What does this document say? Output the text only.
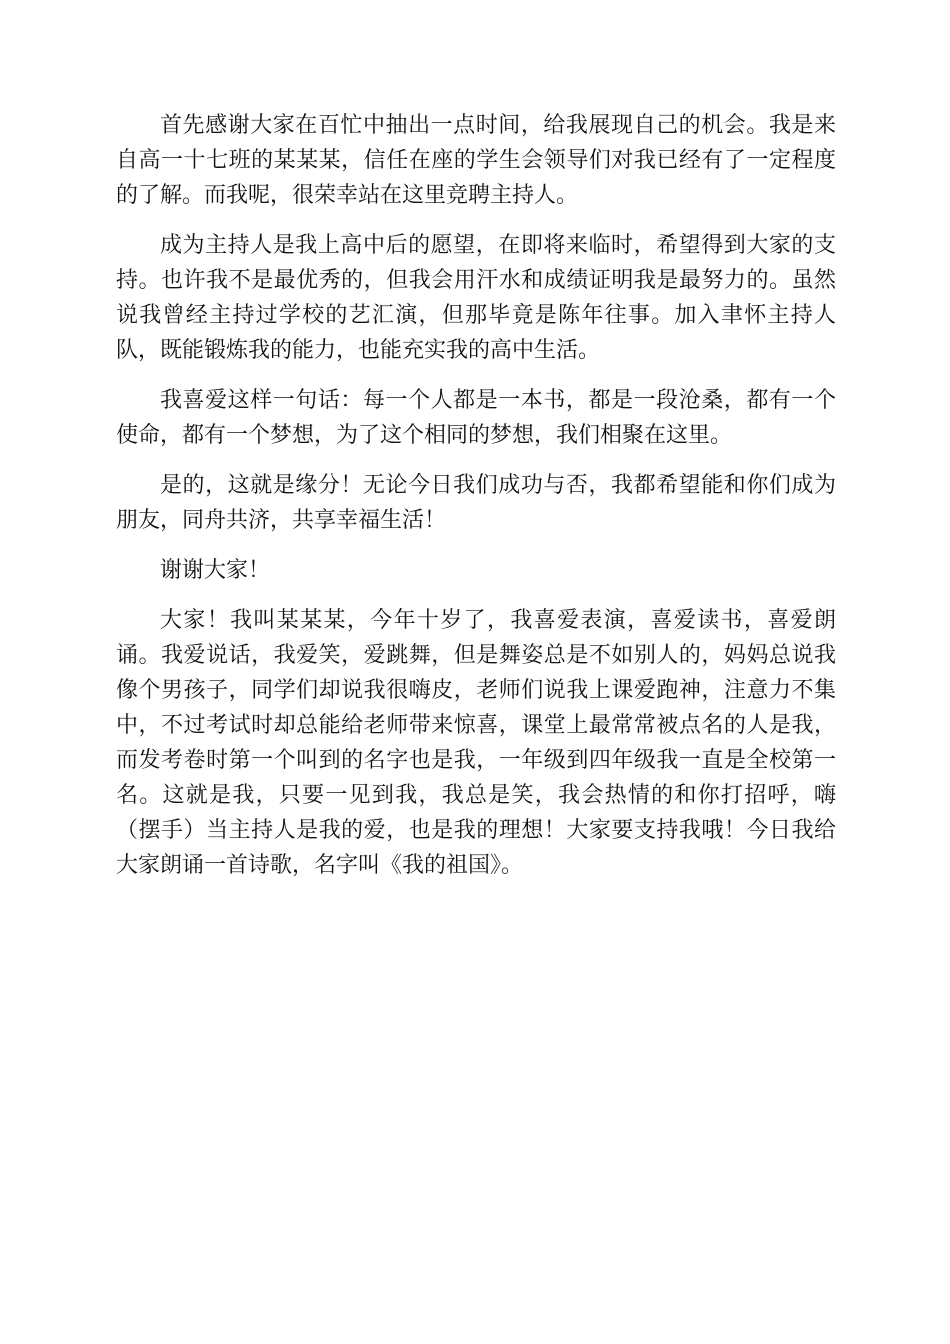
首先感谢大家在百忙中抽出一点时间，给我展现自己的机会。我是来自高一十七班的某某某，信任在座的学生会领导们对我已经有了一定程度的了解。而我呢，很荣幸站在这里竞聘主持人。

成为主持人是我上高中后的愿望，在即将来临时，希望得到大家的支持。也许我不是最优秀的，但我会用汗水和成绩证明我是最努力的。虽然说我曾经主持过学校的艺汇演，但那毕竟是陈年往事。加入聿怀主持人队，既能锻炼我的能力，也能充实我的高中生活。

我喜爱这样一句话：每一个人都是一本书，都是一段沧桑，都有一个使命，都有一个梦想，为了这个相同的梦想，我们相聚在这里。

是的，这就是缘分！无论今日我们成功与否，我都希望能和你们成为朋友，同舟共济，共享幸福生活！

谢谢大家！

大家！我叫某某某，今年十岁了，我喜爱表演，喜爱读书，喜爱朗诵。我爱说话，我爱笑，爱跳舞，但是舞姿总是不如别人的，妈妈总说我像个男孩子，同学们却说我很嗨皮，老师们说我上课爱跑神，注意力不集中，不过考试时却总能给老师带来惊喜，课堂上最常常被点名的人是我，而发考卷时第一个叫到的名字也是我，一年级到四年级我一直是全校第一名。这就是我，只要一见到我，我总是笑，我会热情的和你打招呼，嗨（摆手）当主持人是我的爱，也是我的理想！大家要支持我哦！今日我给大家朗诵一首诗歌，名字叫《我的祖国》。
